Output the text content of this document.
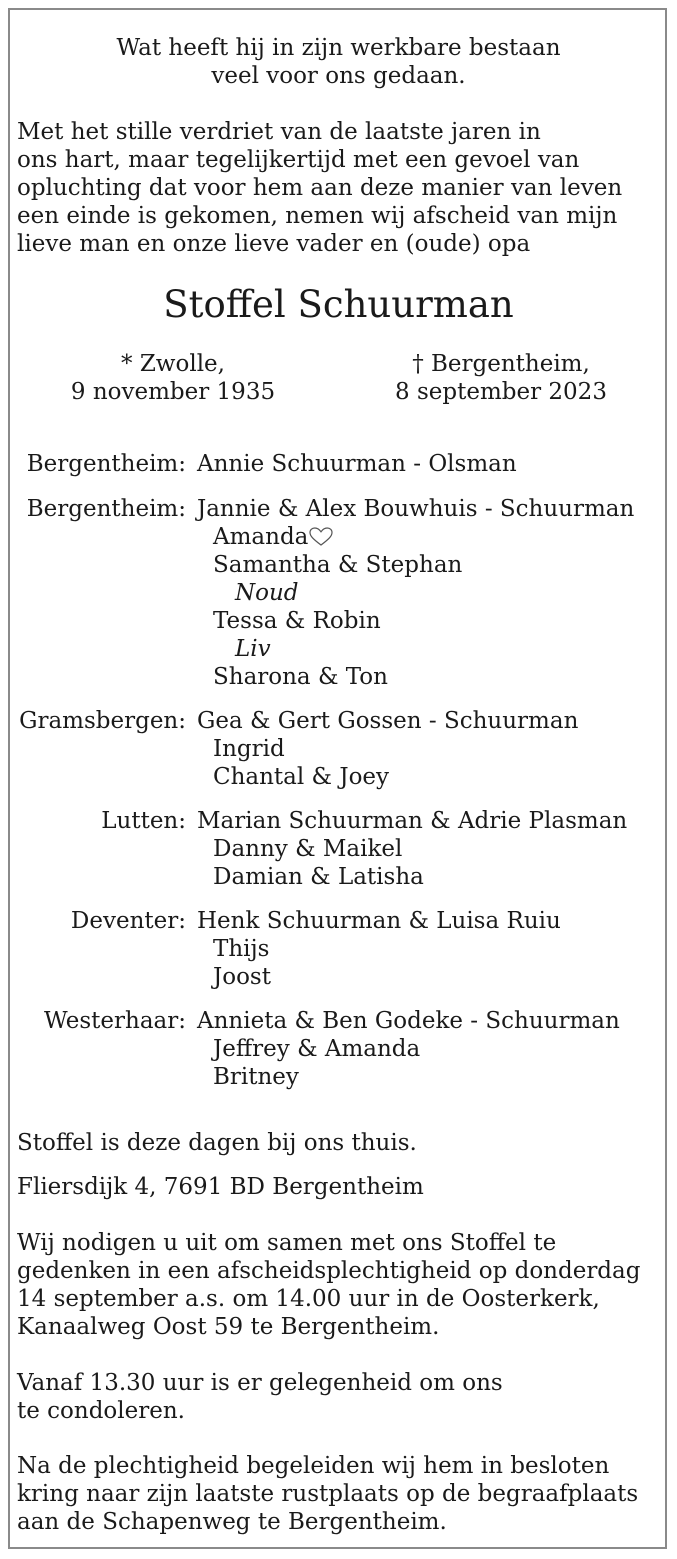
Wat heeft hij in zijn werkbare bestaan
veel voor ons gedaan.
Met het stille verdriet van de laatste jaren in
ons hart, maar tegelijkertijd met een gevoel van
opluchting dat voor hem aan deze manier van leven
een einde is gekomen, nemen wij afscheid van mijn
lieve man en onze lieve vader en (oude) opa
Stoffel Schuurman
* Zwolle,
9 november 1935
† Bergentheim,
8 september 2023
Bergentheim: Annie Schuurman - Olsman
Bergentheim: Jannie & Alex Bouwhuis - Schuurman
Amanda
Samantha & Stephan
Noud
Tessa & Robin
Liv
Sharona & Ton
Gramsbergen: Gea & Gert Gossen - Schuurman
Ingrid
Chantal & Joey
Lutten: Marian Schuurman & Adrie Plasman
Danny & Maikel
Damian & Latisha
Deventer: Henk Schuurman & Luisa Ruiu
Thijs
Joost
Westerhaar: Annieta & Ben Godeke - Schuurman
Jeffrey & Amanda
Britney
Stoffel is deze dagen bij ons thuis.
Fliersdijk 4, 7691 BD Bergentheim
Wij nodigen u uit om samen met ons Stoffel te
gedenken in een afscheidsplechtigheid op donderdag
14 september a.s. om 14.00 uur in de Oosterkerk,
Kanaalweg Oost 59 te Bergentheim.
Vanaf 13.30 uur is er gelegenheid om ons
te condoleren.
Na de plechtigheid begeleiden wij hem in besloten
kring naar zijn laatste rustplaats op de begraafplaats
aan de Schapenweg te Bergentheim.
